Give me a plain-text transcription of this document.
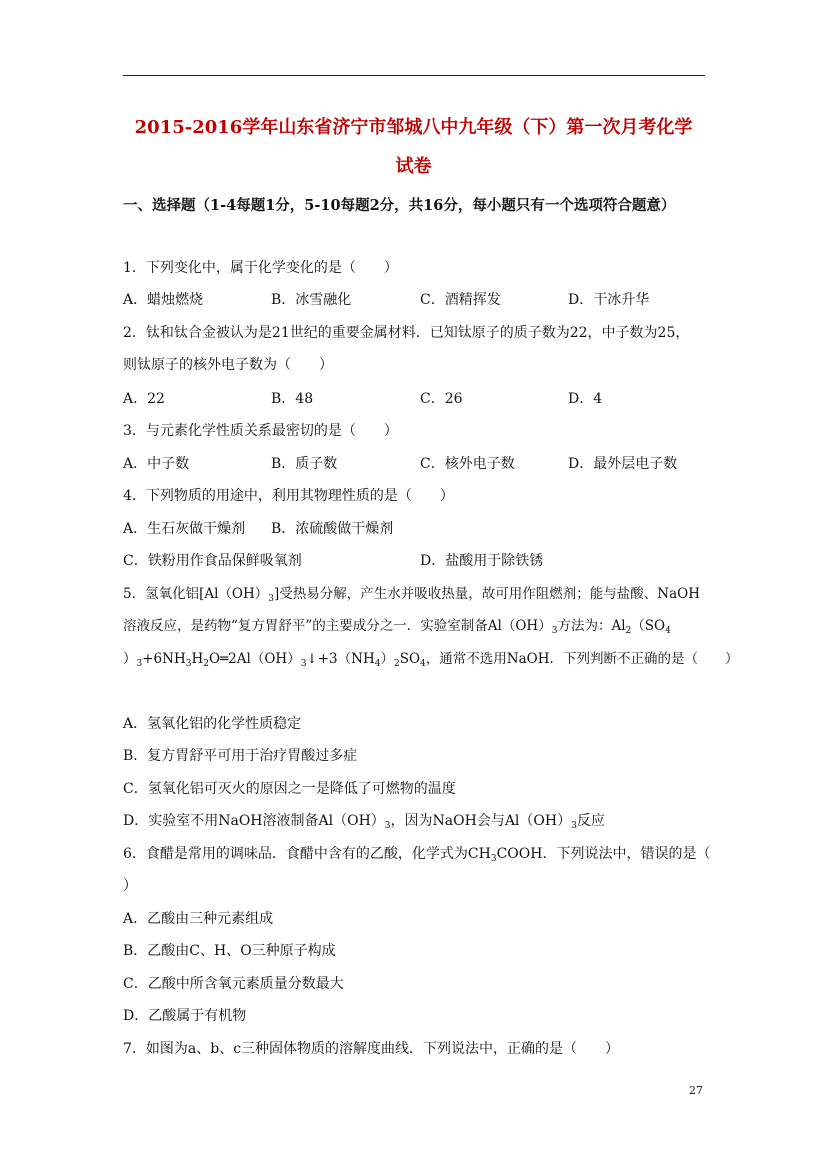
2015-2016学年山东省济宁市邹城八中九年级（下）第一次月考化学
试卷
一、选择题（1-4每题1分，5-10每题2分，共16分，每小题只有一个选项符合题意）
1．下列变化中，属于化学变化的是（　　）
A．蜡烛燃烧	B．冰雪融化	C．酒精挥发	D．干冰升华
2．钛和钛合金被认为是21世纪的重要金属材料．已知钛原子的质子数为22，中子数为25，
则钛原子的核外电子数为（　　）
A．22	B．48	C．26	D．4
3．与元素化学性质关系最密切的是（　　）
A．中子数	B．质子数	C．核外电子数	D．最外层电子数
4．下列物质的用途中，利用其物理性质的是（　　）
A．生石灰做干燥剂 B．浓硫酸做干燥剂
C．铁粉用作食品保鲜吸氧剂	D．盐酸用于除铁锈
5．氢氧化铝$[Al(OH)_3]$受热易分解，产生水并吸收热量，故可用作阻燃剂；能与盐酸、NaOH
溶液反应，是药物“复方胃舒平”的主要成分之一．实验室制备$Al(OH)_3$方法为：$Al_2(SO_4$
）$_3+6NH_3H_2O═2Al(OH)_3↓+3(NH_4)_2SO_4$，通常不选用NaOH．下列判断不正确的是（　　）
A．氢氧化铝的化学性质稳定
B．复方胃舒平可用于治疗胃酸过多症
C．氢氧化铝可灭火的原因之一是降低了可燃物的温度
D．实验室不用NaOH溶液制备$Al(OH)_3$，因为NaOH会与$Al(OH)_3$反应
6．食醋是常用的调味品．食醋中含有的乙酸，化学式为$CH_3COOH$．下列说法中，错误的是（
）
A．乙酸由三种元素组成
B．乙酸由C、H、O三种原子构成
C．乙酸中所含氧元素质量分数最大
D．乙酸属于有机物
7．如图为a、b、c三种固体物质的溶解度曲线．下列说法中，正确的是（　　）
27
